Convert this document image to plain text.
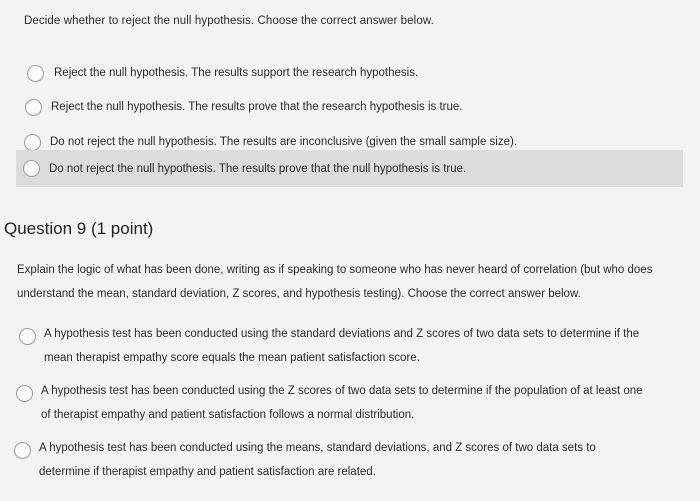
Decide whether to reject the null hypothesis. Choose the correct answer below.
Reject the null hypothesis. The results support the research hypothesis.
Reject the null hypothesis. The results prove that the research hypothesis is true.
Do not reject the null hypothesis. The results are inconclusive (given the small sample size).
Do not reject the null hypothesis. The results prove that the null hypothesis is true.
Question 9 (1 point)
Explain the logic of what has been done, writing as if speaking to someone who has never heard of correlation (but who does
understand the mean, standard deviation, Z scores, and hypothesis testing). Choose the correct answer below.
A hypothesis test has been conducted using the standard deviations and Z scores of two data sets to determine if the
mean therapist empathy score equals the mean patient satisfaction score.
A hypothesis test has been conducted using the Z scores of two data sets to determine if the population of at least one
of therapist empathy and patient satisfaction follows a normal distribution.
A hypothesis test has been conducted using the means, standard deviations, and Z scores of two data sets to
determine if therapist empathy and patient satisfaction are related.
